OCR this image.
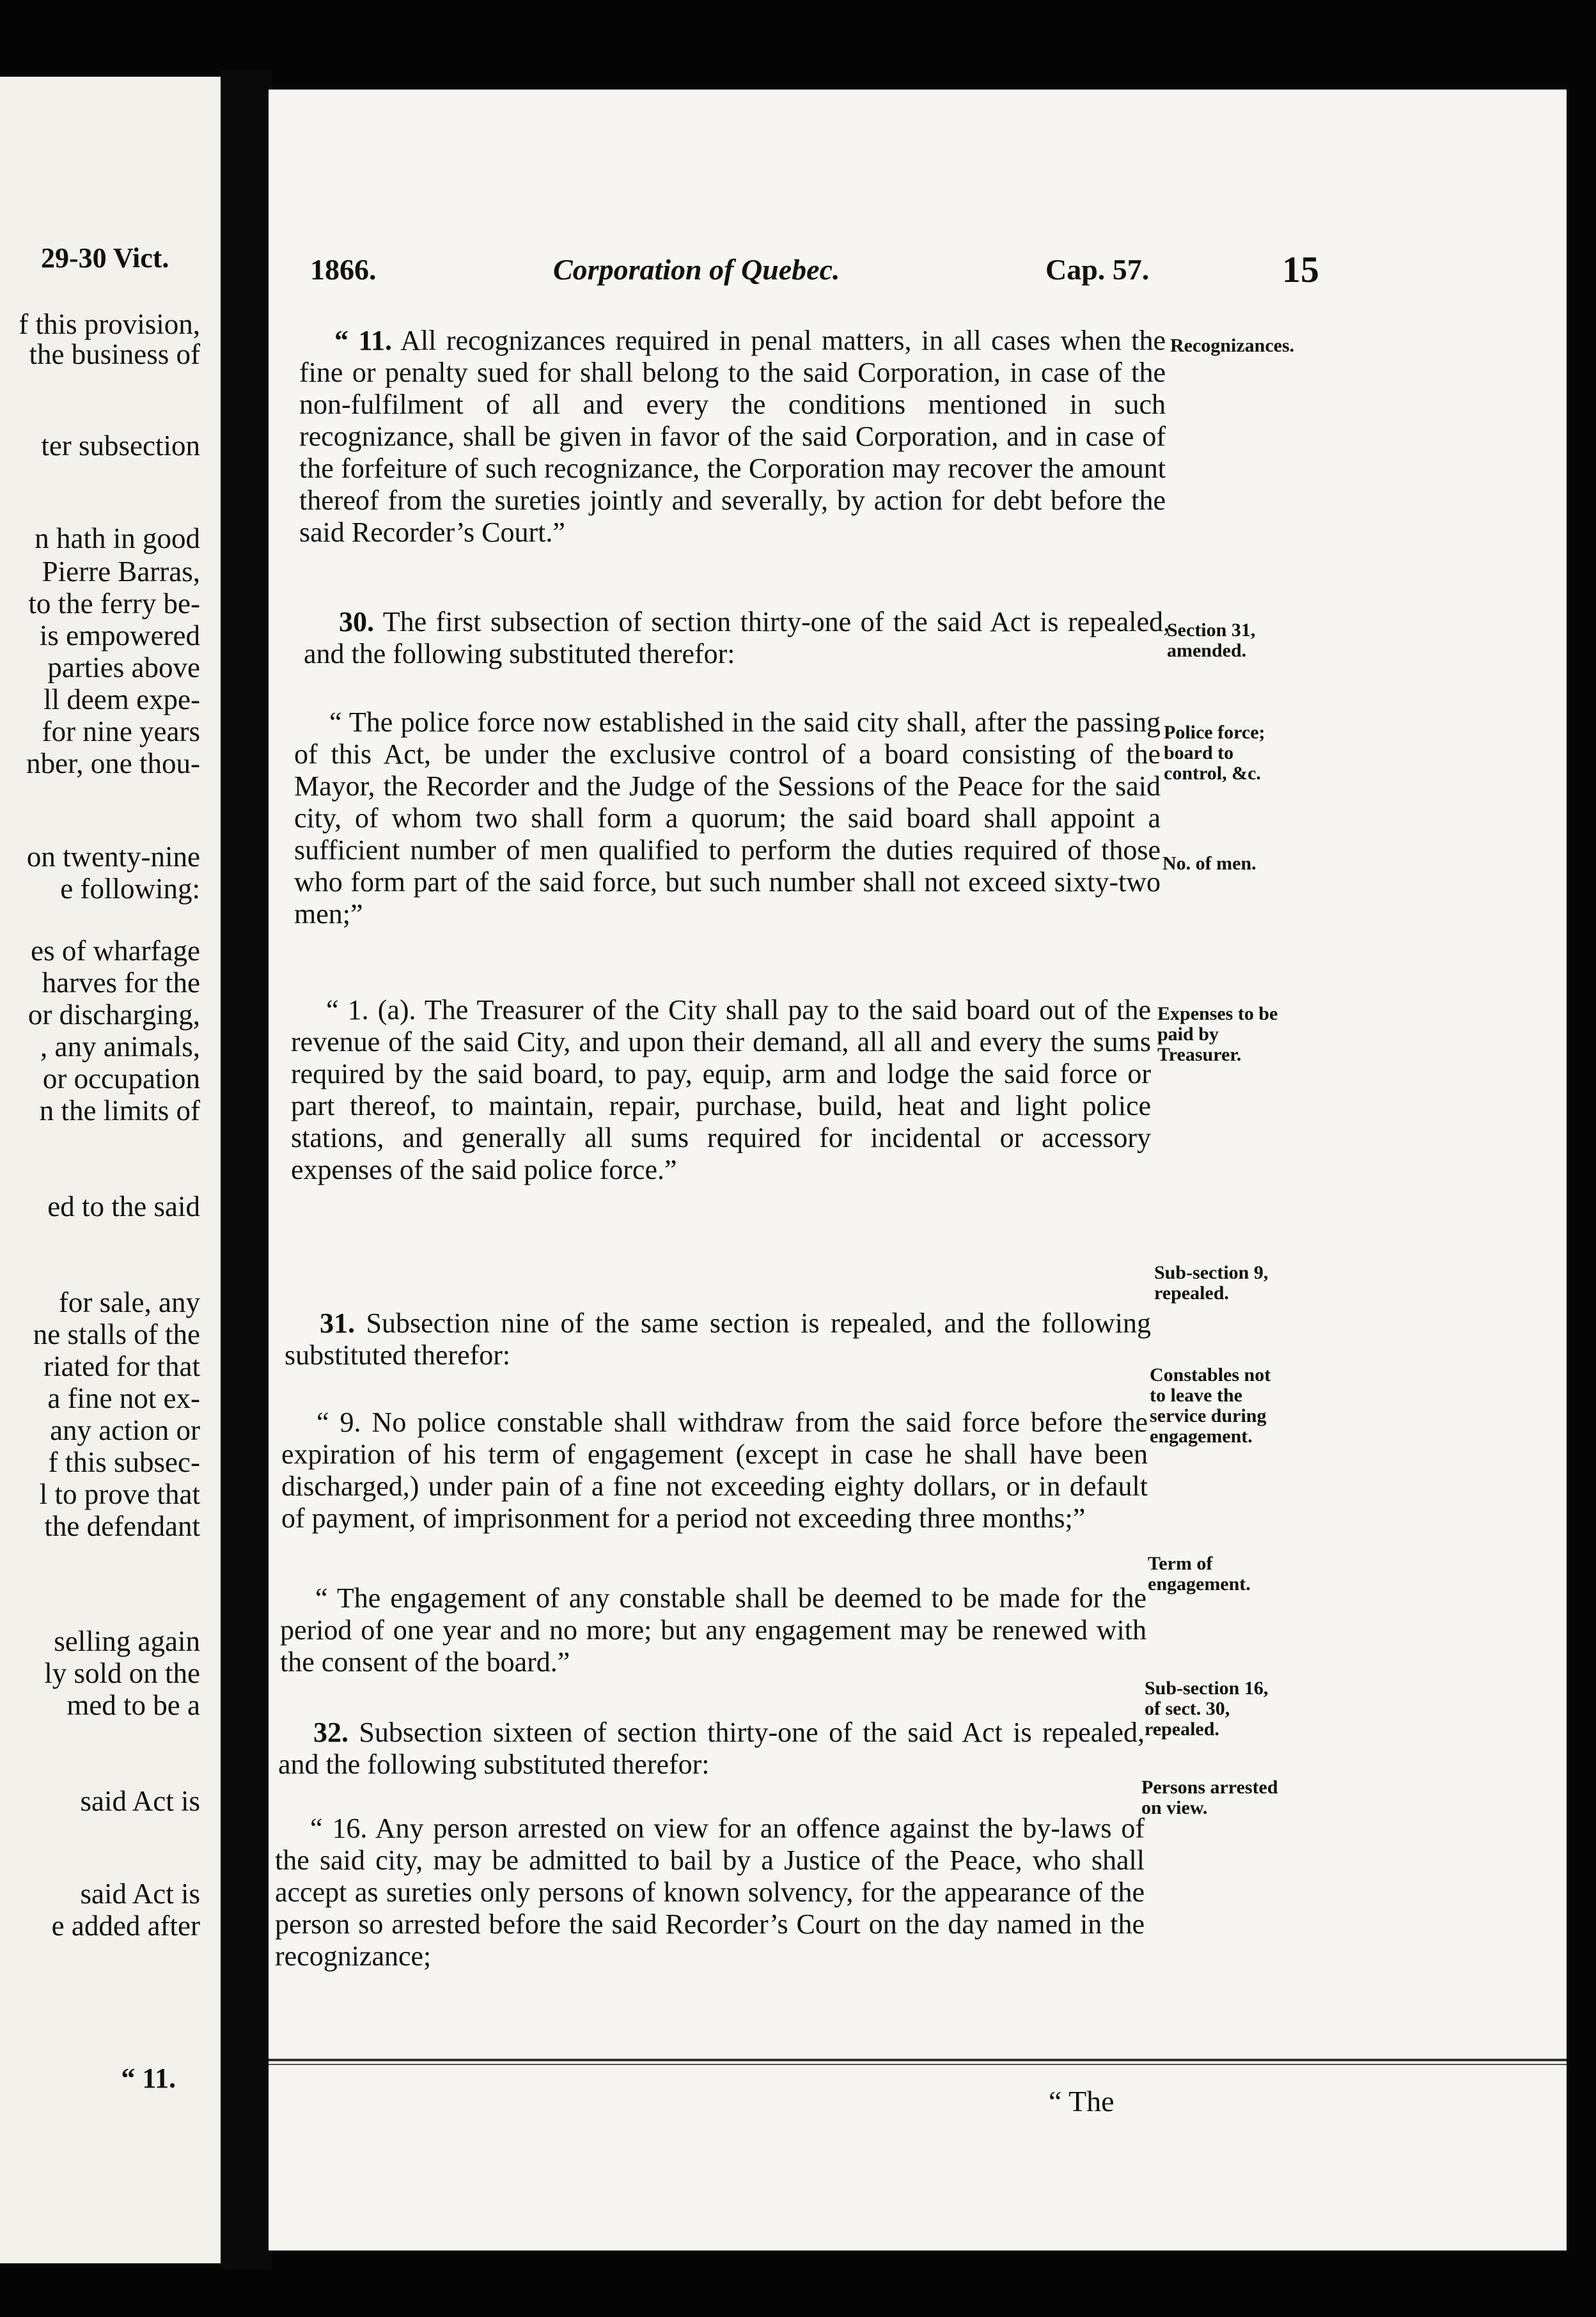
29-30 Vict.
f this provision,
the business of
ter subsection
n hath in good
Pierre Barras,
to the ferry be-
is empowered
parties above
ll deem expe-
for nine years
nber, one thou-
on twenty-nine
e following:
es of wharfage
harves for the
or discharging,
, any animals,
or occupation
n the limits of
ed to the said
for sale, any
ne stalls of the
riated for that
a fine not ex-
any action or
f this subsec-
l to prove that
the defendant
selling again
ly sold on the
med to be a
said Act is
said Act is
e added after
“ 11.
1866.	Corporation of Quebec.	Cap. 57.	15
“ 11. All recognizances required in penal matters, in all cases when the fine or penalty sued for shall belong to the said Corporation, in case of the non-fulfilment of all and every the conditions mentioned in such recognizance, shall be given in favor of the said Corporation, and in case of the forfeiture of such recognizance, the Corporation may recover the amount thereof from the sureties jointly and severally, by action for debt before the said Recorder’s Court.”
30. The first subsection of section thirty-one of the said Act is repealed, and the following substituted therefor:
“ The police force now established in the said city shall, after the passing of this Act, be under the exclusive control of a board consisting of the Mayor, the Recorder and the Judge of the Sessions of the Peace for the said city, of whom two shall form a quorum; the said board shall appoint a sufficient number of men qualified to perform the duties required of those who form part of the said force, but such number shall not exceed sixty-two men;”
“ 1. (a). The Treasurer of the City shall pay to the said board out of the revenue of the said City, and upon their demand, all all and every the sums required by the said board, to pay, equip, arm and lodge the said force or part thereof, to maintain, repair, purchase, build, heat and light police stations, and generally all sums required for incidental or accessory expenses of the said police force.”
31. Subsection nine of the same section is repealed, and the following substituted therefor:
“ 9. No police constable shall withdraw from the said force before the expiration of his term of engagement (except in case he shall have been discharged,) under pain of a fine not exceeding eighty dollars, or in default of payment, of imprisonment for a period not exceeding three months;”
“ The engagement of any constable shall be deemed to be made for the period of one year and no more; but any engagement may be renewed with the consent of the board.”
32. Subsection sixteen of section thirty-one of the said Act is repealed, and the following substituted therefor:
“ 16. Any person arrested on view for an offence against the by-laws of the said city, may be admitted to bail by a Justice of the Peace, who shall accept as sureties only persons of known solvency, for the appearance of the person so arrested before the said Recorder’s Court on the day named in the recognizance;
Recognizances.
Section 31, amended.
Police force; board to control, &c.
No. of men.
Expenses to be paid by Treasurer.
Sub-section 9, repealed.
Constables not to leave the service during engagement.
Term of engagement.
Sub-section 16, of sect. 30, repealed.
Persons arrested on view.
“ The
